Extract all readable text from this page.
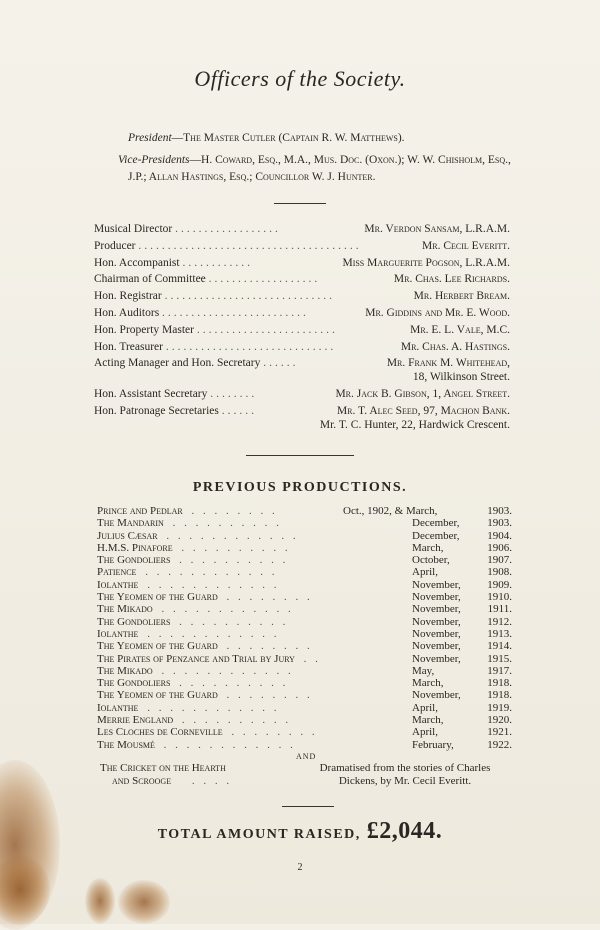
Officers of the Society.
President—The Master Cutler (Captain R. W. Matthews).
Vice-Presidents—H. Coward, Esq., M.A., Mus. Doc. (Oxon.); W. W. Chisholm, Esq., J.P.; Allan Hastings, Esq.; Councillor W. J. Hunter.
Musical Director ..................	Mr. Verdon Sansam, L.R.A.M.
Producer ......................................	Mr. Cecil Everitt.
Hon. Accompanist ............	Miss Marguerite Pogson, L.R.A.M.
Chairman of Committee ...................	Mr. Chas. Lee Richards.
Hon. Registrar .............................	Mr. Herbert Bream.
Hon. Auditors .........................	Mr. Giddins and Mr. E. Wood.
Hon. Property Master ........................	Mr. E. L. Vale, M.C.
Hon. Treasurer .............................	Mr. Chas. A. Hastings.
Acting Manager and Hon. Secretary ......	Mr. Frank M. Whitehead,
18, Wilkinson Street.
Hon. Assistant Secretary ........	Mr. Jack B. Gibson, 1, Angel Street.
Hon. Patronage Secretaries ......	Mr. T. Alec Seed, 97, Machon Bank.
Mr. T. C. Hunter, 22, Hardwick Crescent.
PREVIOUS PRODUCTIONS.
Prince and Pedlar . . . . . . . .	Oct., 1902, & March,	1903.
The Mandarin . . . . . . . . . .	December,	1903.
Julius Cæsar . . . . . . . . . . . .	December,	1904.
H.M.S. Pinafore . . . . . . . . . .	March,	1906.
The Gondoliers . . . . . . . . . .	October,	1907.
Patience . . . . . . . . . . . .	April,	1908.
Iolanthe . . . . . . . . . . . .	November, 1909.
The Yeomen of the Guard . . . . . . . .	November, 1910.
The Mikado . . . . . . . . . . . .	November, 1911.
The Gondoliers . . . . . . . . . .	November, 1912.
Iolanthe . . . . . . . . . . . .	November, 1913.
The Yeomen of the Guard . . . . . . . .	November, 1914.
The Pirates of Penzance and Trial by Jury . .	November, 1915.
The Mikado . . . . . . . . . . . .	May,	1917.
The Gondoliers . . . . . . . . . .	March,	1918.
The Yeomen of the Guard . . . . . . . .	November, 1918.
Iolanthe . . . . . . . . . . . .	April,	1919.
Merrie England . . . . . . . . . .	March,	1920.
Les Cloches de Corneville . . . . . . . .	April,	1921.
The Mousmé . . . . . . . . . . . .	February,	1922.
AND
The Cricket on the Hearth
and Scrooge . . . .
Dramatised from the stories of Charles
Dickens, by Mr. Cecil Everitt.
TOTAL AMOUNT RAISED, £2,044.
2
